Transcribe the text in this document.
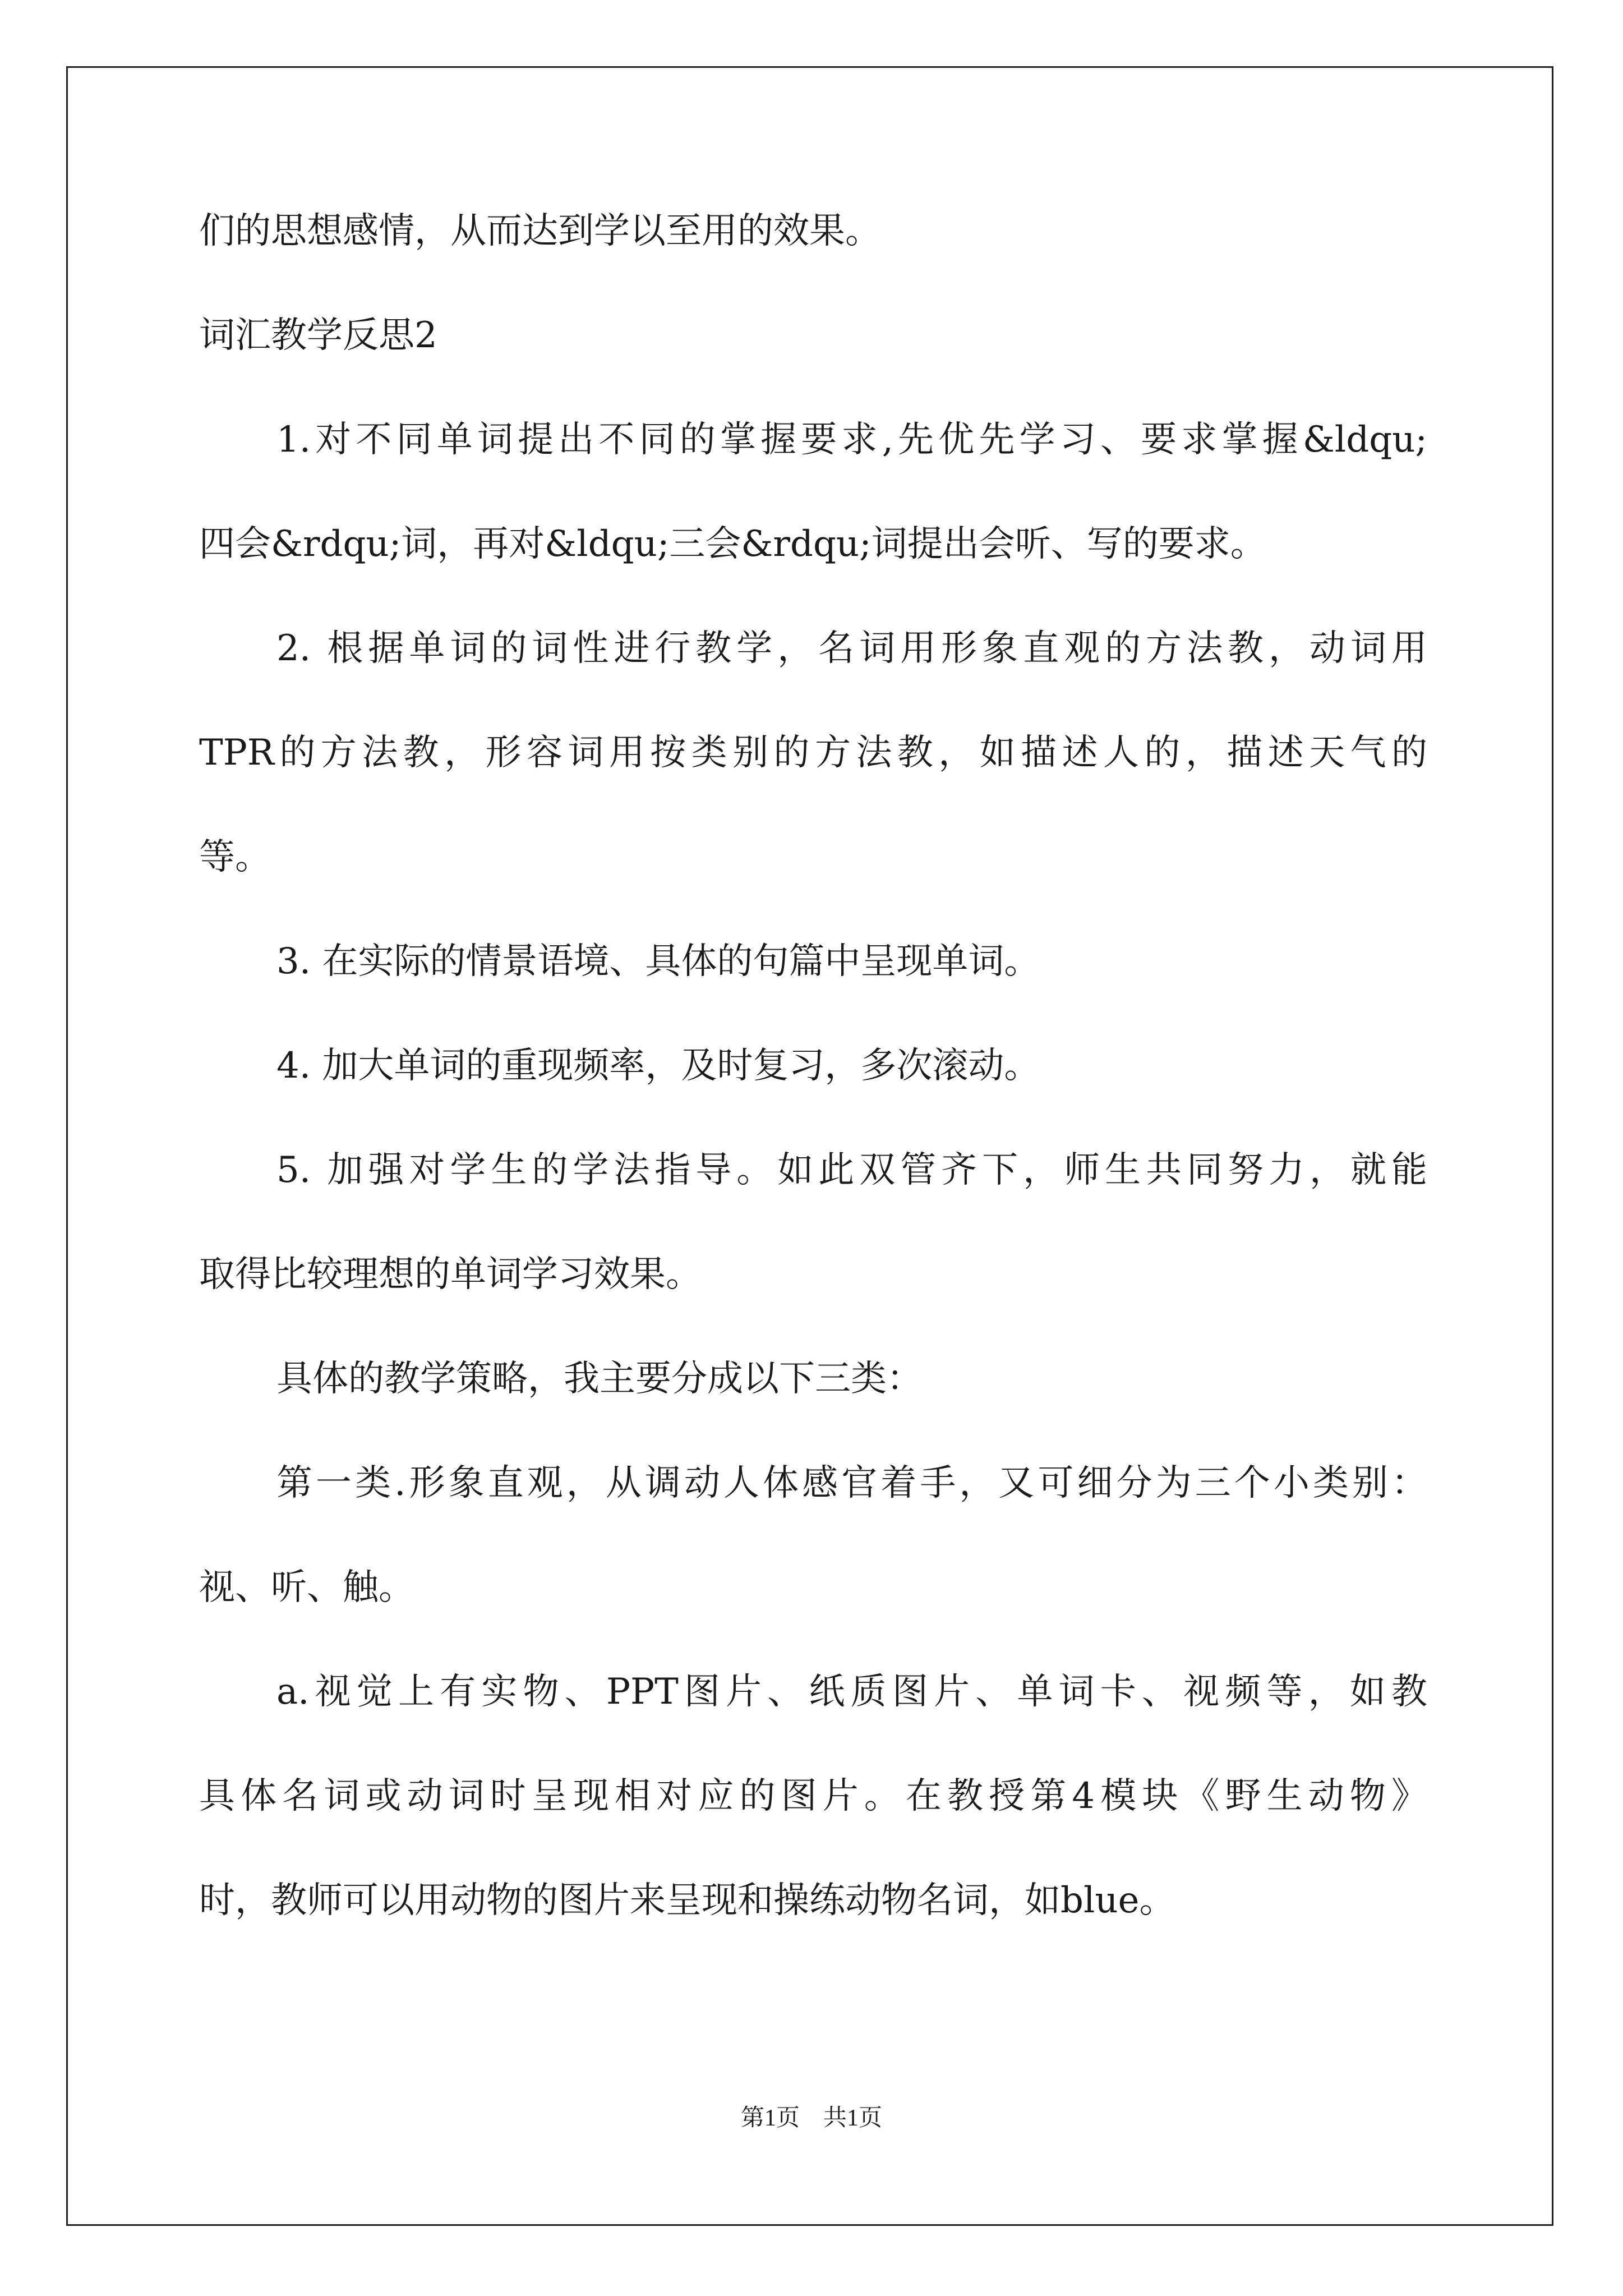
们的思想感情，从而达到学以至用的效果。
词汇教学反思2
1.对不同单词提出不同的掌握要求,先优先学习、要求掌握&ldqu;
四会&rdqu;词，再对&ldqu;三会&rdqu;词提出会听、写的要求。
2. 根据单词的词性进行教学，名词用形象直观的方法教，动词用
TPR的方法教，形容词用按类别的方法教，如描述人的，描述天气的
等。
3. 在实际的情景语境、具体的句篇中呈现单词。
4. 加大单词的重现频率，及时复习，多次滚动。
5. 加强对学生的学法指导。如此双管齐下，师生共同努力，就能
取得比较理想的单词学习效果。
具体的教学策略，我主要分成以下三类：
第一类.形象直观，从调动人体感官着手，又可细分为三个小类别：
视、听、触。
a.视觉上有实物、PPT图片、纸质图片、单词卡、视频等，如教
具体名词或动词时呈现相对应的图片。在教授第4模块《野生动物》
时，教师可以用动物的图片来呈现和操练动物名词，如blue。
第1页　共1页
